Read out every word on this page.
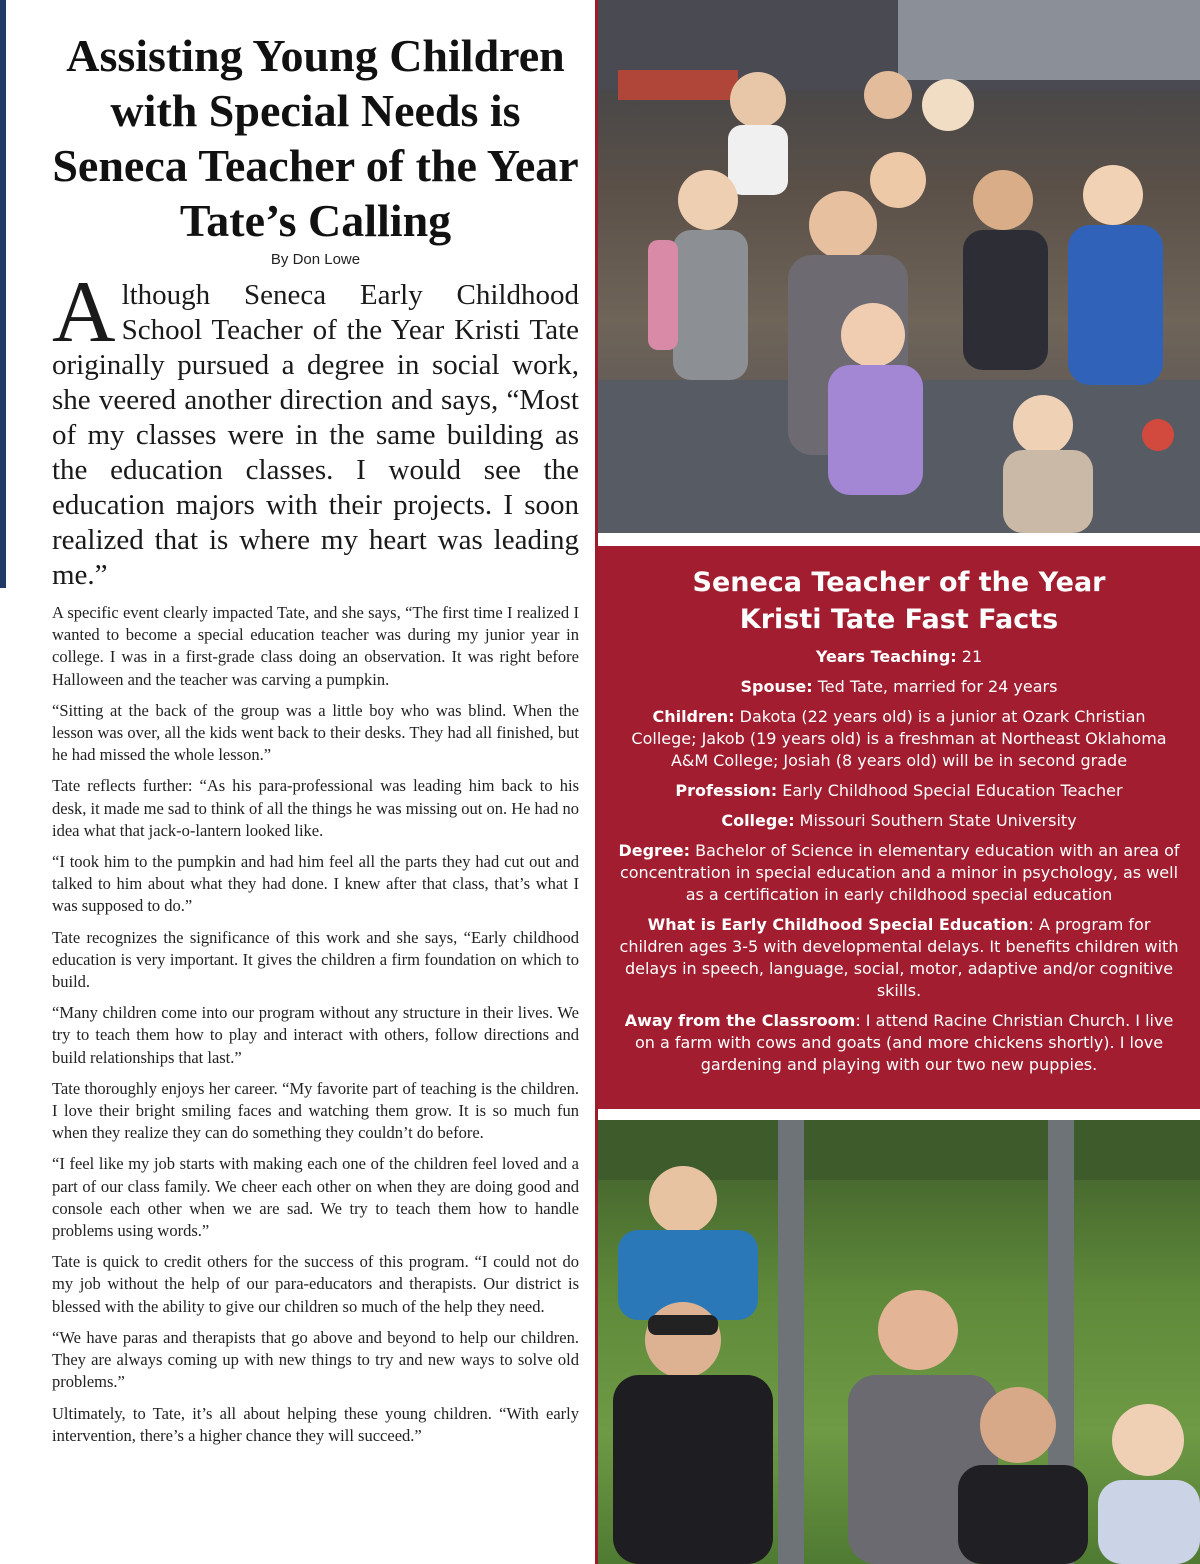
Assisting Young Children with Special Needs is Seneca Teacher of the Year Tate’s Calling
By Don Lowe

Although Seneca Early Childhood School Teacher of the Year Kristi Tate originally pursued a degree in social work, she veered another direction and says, “Most of my classes were in the same building as the education classes. I would see the education majors with their projects. I soon realized that is where my heart was leading me.”

A specific event clearly impacted Tate, and she says, “The first time I realized I wanted to become a special education teacher was during my junior year in college. I was in a first-grade class doing an observation. It was right before Halloween and the teacher was carving a pumpkin.

“Sitting at the back of the group was a little boy who was blind. When the lesson was over, all the kids went back to their desks. They had all finished, but he had missed the whole lesson.”

Tate reflects further: “As his para-professional was leading him back to his desk, it made me sad to think of all the things he was missing out on. He had no idea what that jack-o-lantern looked like.

“I took him to the pumpkin and had him feel all the parts they had cut out and talked to him about what they had done. I knew after that class, that’s what I was supposed to do.”

Tate recognizes the significance of this work and she says, “Early childhood education is very important. It gives the children a firm foundation on which to build.

“Many children come into our program without any structure in their lives. We try to teach them how to play and interact with others, follow directions and build relationships that last.”

Tate thoroughly enjoys her career. “My favorite part of teaching is the children. I love their bright smiling faces and watching them grow. It is so much fun when they realize they can do something they couldn’t do before.

“I feel like my job starts with making each one of the children feel loved and a part of our class family. We cheer each other on when they are doing good and console each other when we are sad. We try to teach them how to handle problems using words.”

Tate is quick to credit others for the success of this program. “I could not do my job without the help of our para-educators and therapists. Our district is blessed with the ability to give our children so much of the help they need.

“We have paras and therapists that go above and beyond to help our children. They are always coming up with new things to try and new ways to solve old problems.”

Ultimately, to Tate, it’s all about helping these young children. “With early intervention, there’s a higher chance they will succeed.”

Seneca Teacher of the Year
Kristi Tate Fast Facts

Years Teaching: 21

Spouse: Ted Tate, married for 24 years

Children: Dakota (22 years old) is a junior at Ozark Christian College; Jakob (19 years old) is a freshman at Northeast Oklahoma A&M College; Josiah (8 years old) will be in second grade

Profession: Early Childhood Special Education Teacher

College: Missouri Southern State University

Degree: Bachelor of Science in elementary education with an area of concentration in special education and a minor in psychology, as well as a certification in early childhood special education

What is Early Childhood Special Education: A program for children ages 3-5 with developmental delays. It benefits children with delays in speech, language, social, motor, adaptive and/or cognitive skills.

Away from the Classroom: I attend Racine Christian Church. I live on a farm with cows and goats (and more chickens shortly). I love gardening and playing with our two new puppies.
